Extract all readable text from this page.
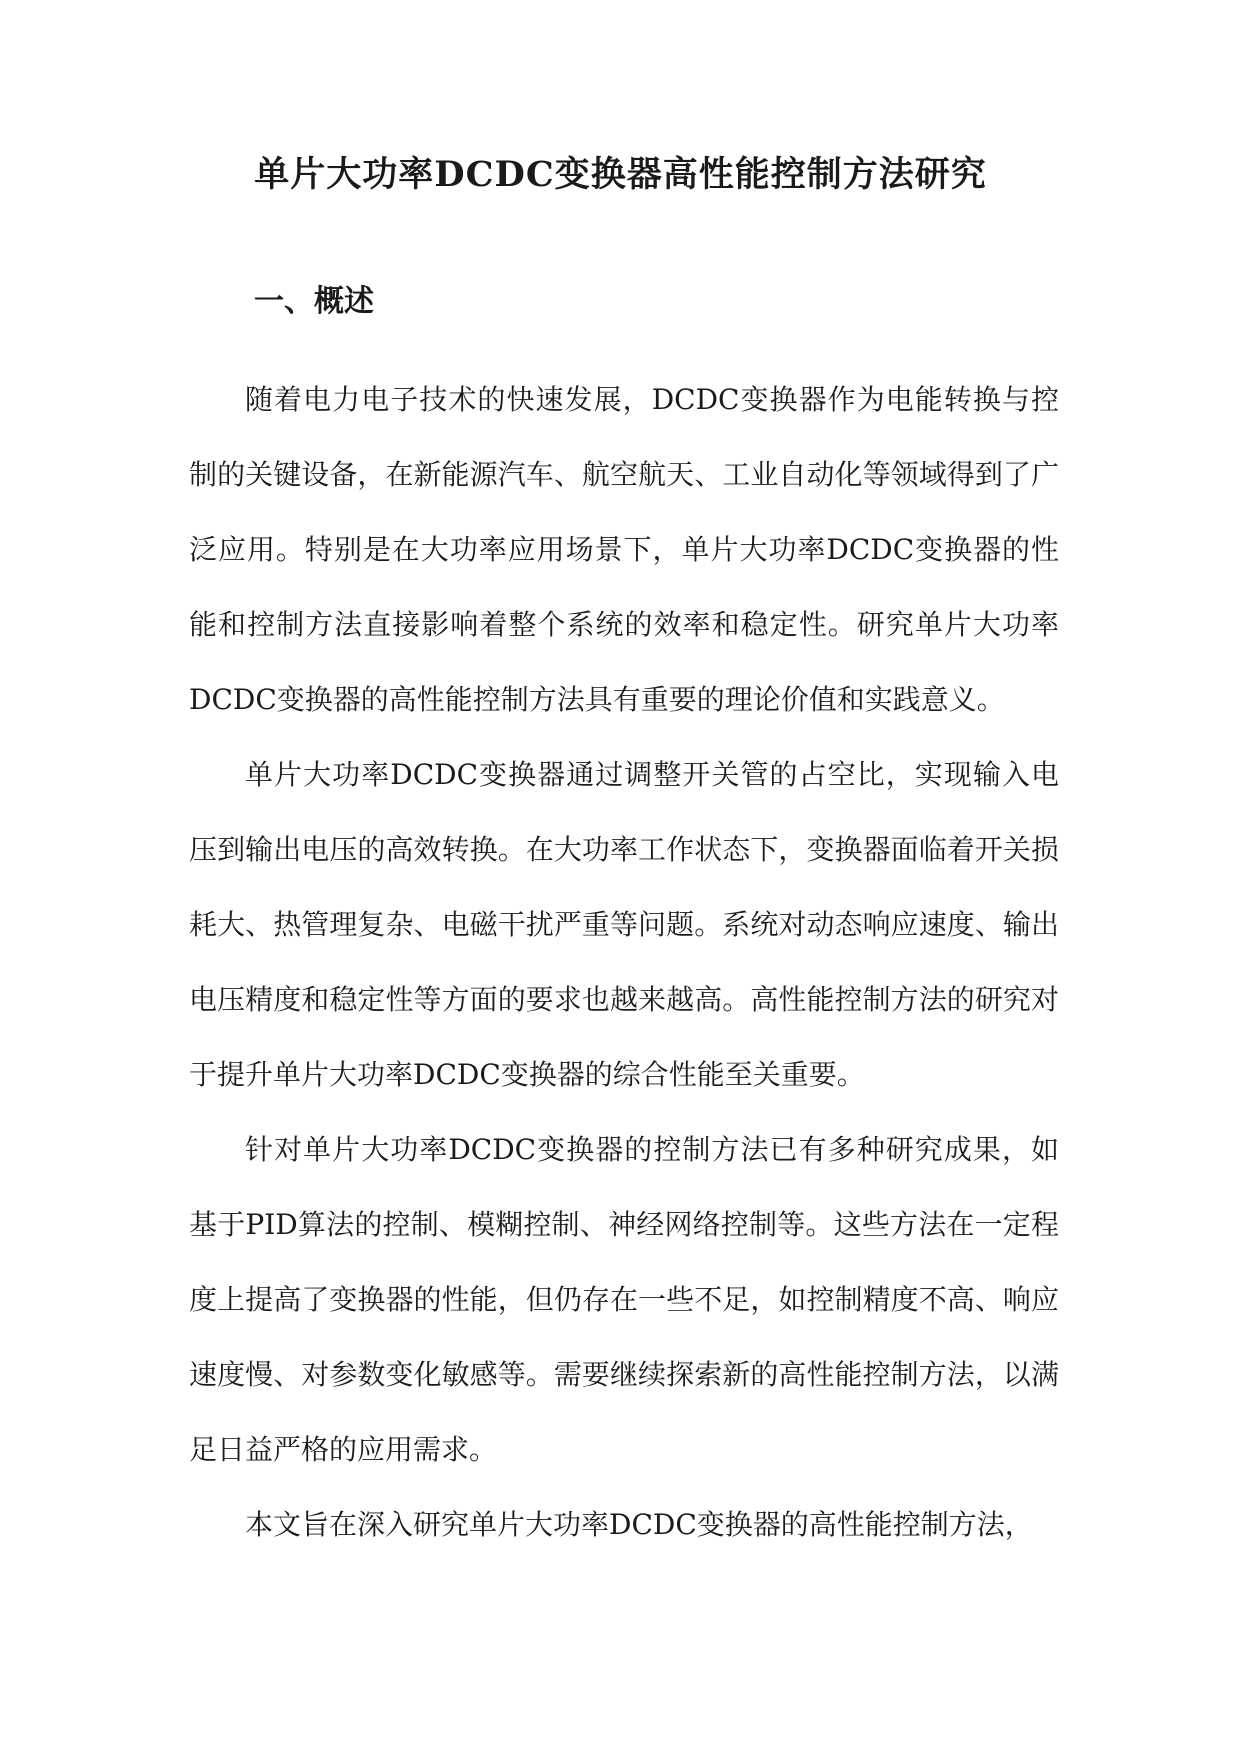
单片大功率DCDC变换器高性能控制方法研究
一、概述

随着电力电子技术的快速发展，DCDC变换器作为电能转换与控制的关键设备，在新能源汽车、航空航天、工业自动化等领域得到了广泛应用。特别是在大功率应用场景下，单片大功率DCDC变换器的性能和控制方法直接影响着整个系统的效率和稳定性。研究单片大功率DCDC变换器的高性能控制方法具有重要的理论价值和实践意义。

单片大功率DCDC变换器通过调整开关管的占空比，实现输入电压到输出电压的高效转换。在大功率工作状态下，变换器面临着开关损耗大、热管理复杂、电磁干扰严重等问题。系统对动态响应速度、输出电压精度和稳定性等方面的要求也越来越高。高性能控制方法的研究对于提升单片大功率DCDC变换器的综合性能至关重要。

针对单片大功率DCDC变换器的控制方法已有多种研究成果，如基于PID算法的控制、模糊控制、神经网络控制等。这些方法在一定程度上提高了变换器的性能，但仍存在一些不足，如控制精度不高、响应速度慢、对参数变化敏感等。需要继续探索新的高性能控制方法，以满足日益严格的应用需求。

本文旨在深入研究单片大功率DCDC变换器的高性能控制方法，
